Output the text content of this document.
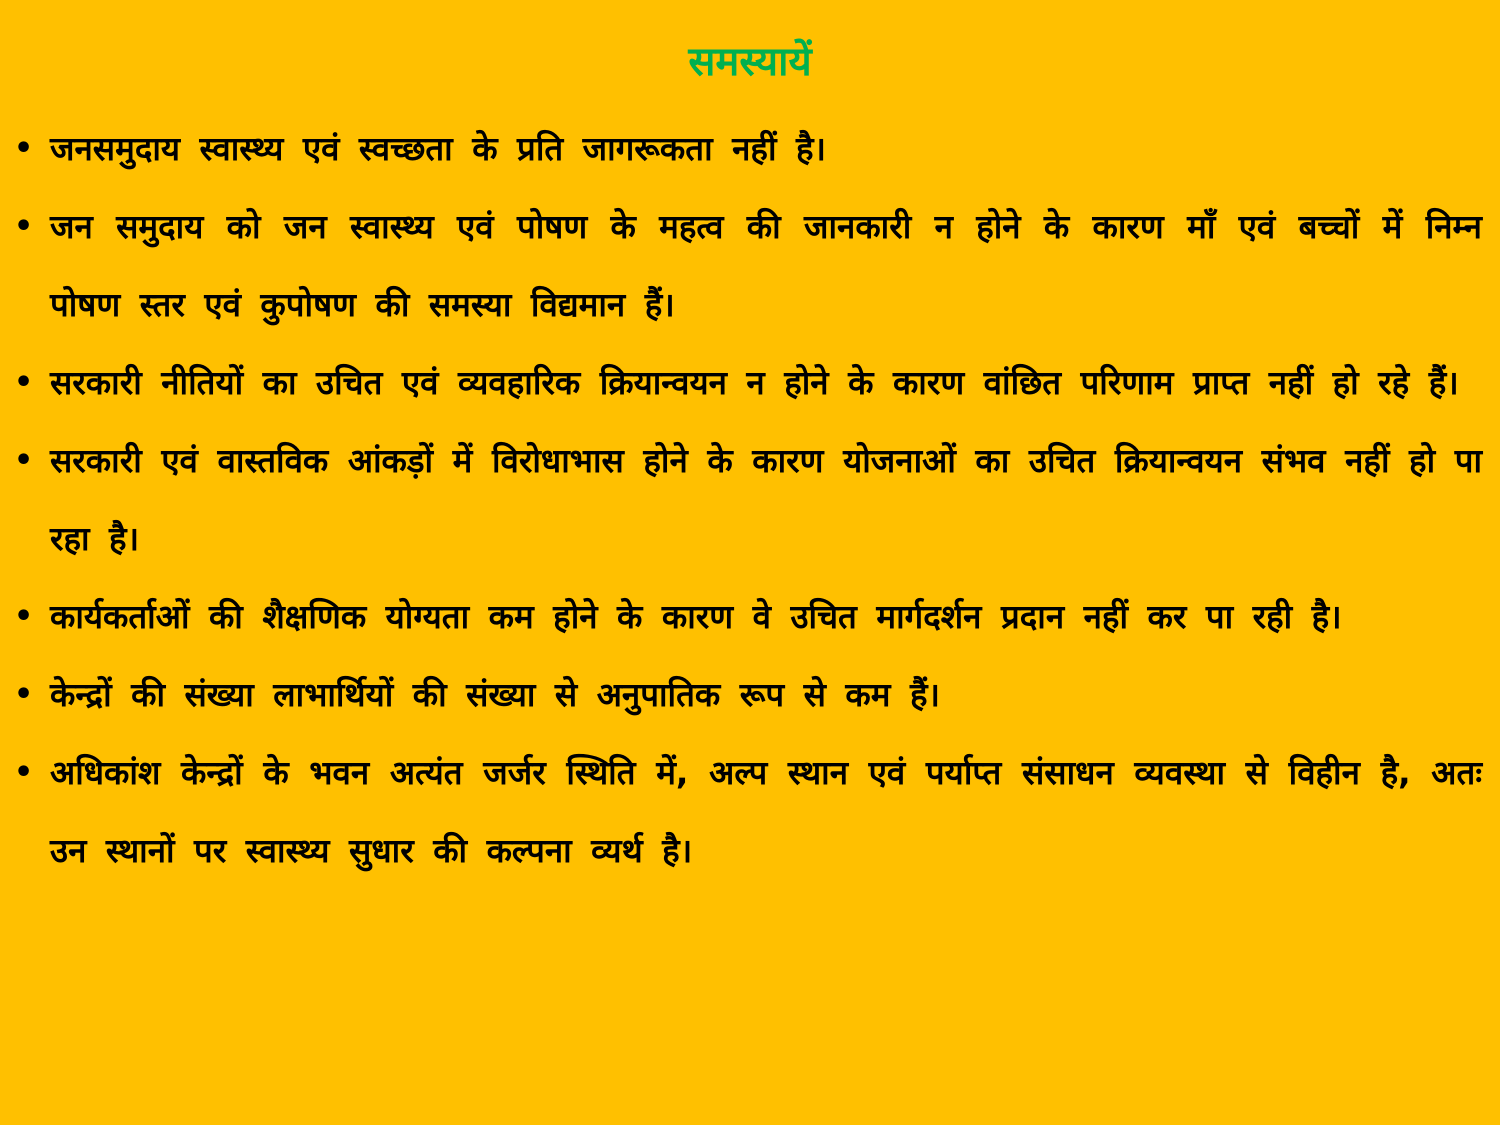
समस्यायें
• जनसमुदाय स्वास्थ्य एवं स्वच्छता के प्रति जागरूकता नहीं है।
• जन समुदाय को जन स्वास्थ्य एवं पोषण के महत्व की जानकारी न होने के कारण माँ एवं बच्चों में निम्न पोषण स्तर एवं कुपोषण की समस्या विद्यमान हैं।
• सरकारी नीतियों का उचित एवं व्यवहारिक क्रियान्वयन न होने के कारण वांछित परिणाम प्राप्त नहीं हो रहे हैं।
• सरकारी एवं वास्तविक आंकड़ों में विरोधाभास होने के कारण योजनाओं का उचित क्रियान्वयन संभव नहीं हो पा रहा है।
• कार्यकर्ताओं की शैक्षणिक योग्यता कम होने के कारण वे उचित मार्गदर्शन प्रदान नहीं कर पा रही है।
• केन्द्रों की संख्या लाभार्थियों की संख्या से अनुपातिक रूप से कम हैं।
• अधिकांश केन्द्रों के भवन अत्यंत जर्जर स्थिति में, अल्प स्थान एवं पर्याप्त संसाधन व्यवस्था से विहीन है, अतः उन स्थानों पर स्वास्थ्य सुधार की कल्पना व्यर्थ है।
